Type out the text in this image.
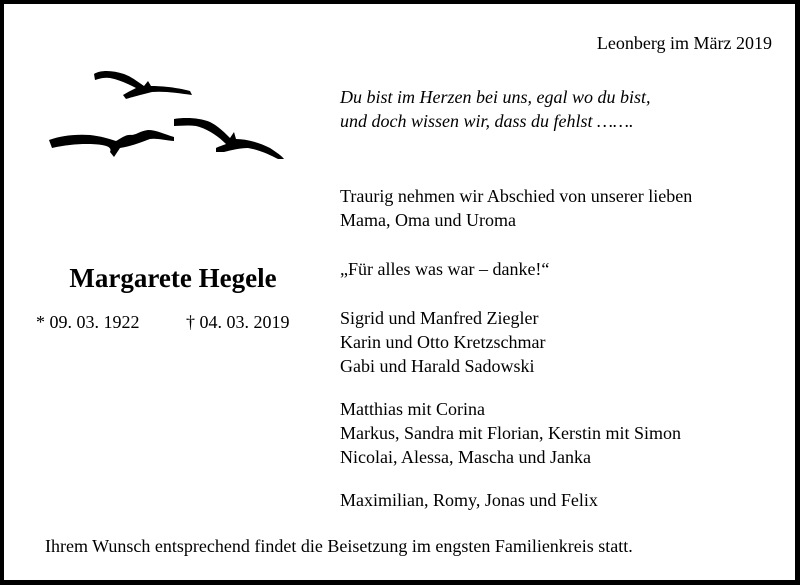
Leonberg im März 2019
Du bist im Herzen bei uns, egal wo du bist,
und doch wissen wir, dass du fehlst …….
Margarete Hegele
* 09. 03. 1922	† 04. 03. 2019
Traurig nehmen wir Abschied von unserer lieben
Mama, Oma und Uroma
„Für alles was war – danke!“
Sigrid und Manfred Ziegler
Karin und Otto Kretzschmar
Gabi und Harald Sadowski
Matthias mit Corina
Markus, Sandra mit Florian, Kerstin mit Simon
Nicolai, Alessa, Mascha und Janka
Maximilian, Romy, Jonas und Felix
Ihrem Wunsch entsprechend findet die Beisetzung im engsten Familienkreis statt.
